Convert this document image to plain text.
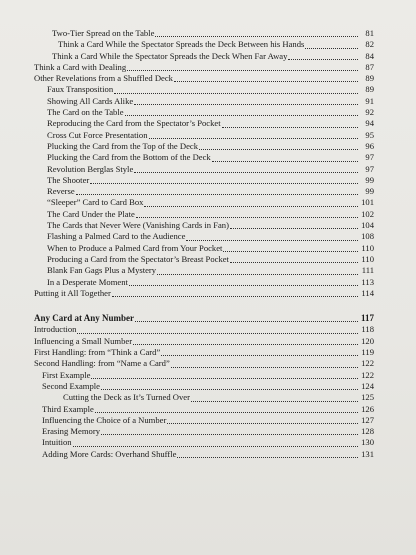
Two-Tier Spread on the Table	81
Think a Card While the Spectator Spreads the Deck Between his Hands	82
Think a Card While the Spectator Spreads the Deck When Far Away	84
Think a Card with Dealing	87
Other Revelations from a Shuffled Deck	89
Faux Transposition	89
Showing All Cards Alike	91
The Card on the Table	92
Reproducing the Card from the Spectator’s Pocket	94
Cross Cut Force Presentation	95
Plucking the Card from the Top of the Deck	96
Plucking the Card from the Bottom of the Deck	97
Revolution Berglas Style	97
The Shooter	99
Reverse	99
“Sleeper” Card to Card Box	101
The Card Under the Plate	102
The Cards that Never Were (Vanishing Cards in Fan)	104
Flashing a Palmed Card to the Audience	108
When to Produce a Palmed Card from Your Pocket	110
Producing a Card from the Spectator’s Breast Pocket	110
Blank Fan Gags Plus a Mystery	111
In a Desperate Moment	113
Putting it All Together	114
Any Card at Any Number	117
Introduction	118
Influencing a Small Number	120
First Handling: from “Think a Card”	119
Second Handling: from “Name a Card”	122
First Example	122
Second Example	124
Cutting the Deck as It’s Turned Over	125
Third Example	126
Influencing the Choice of a Number	127
Erasing Memory	128
Intuition	130
Adding More Cards: Overhand Shuffle	131
